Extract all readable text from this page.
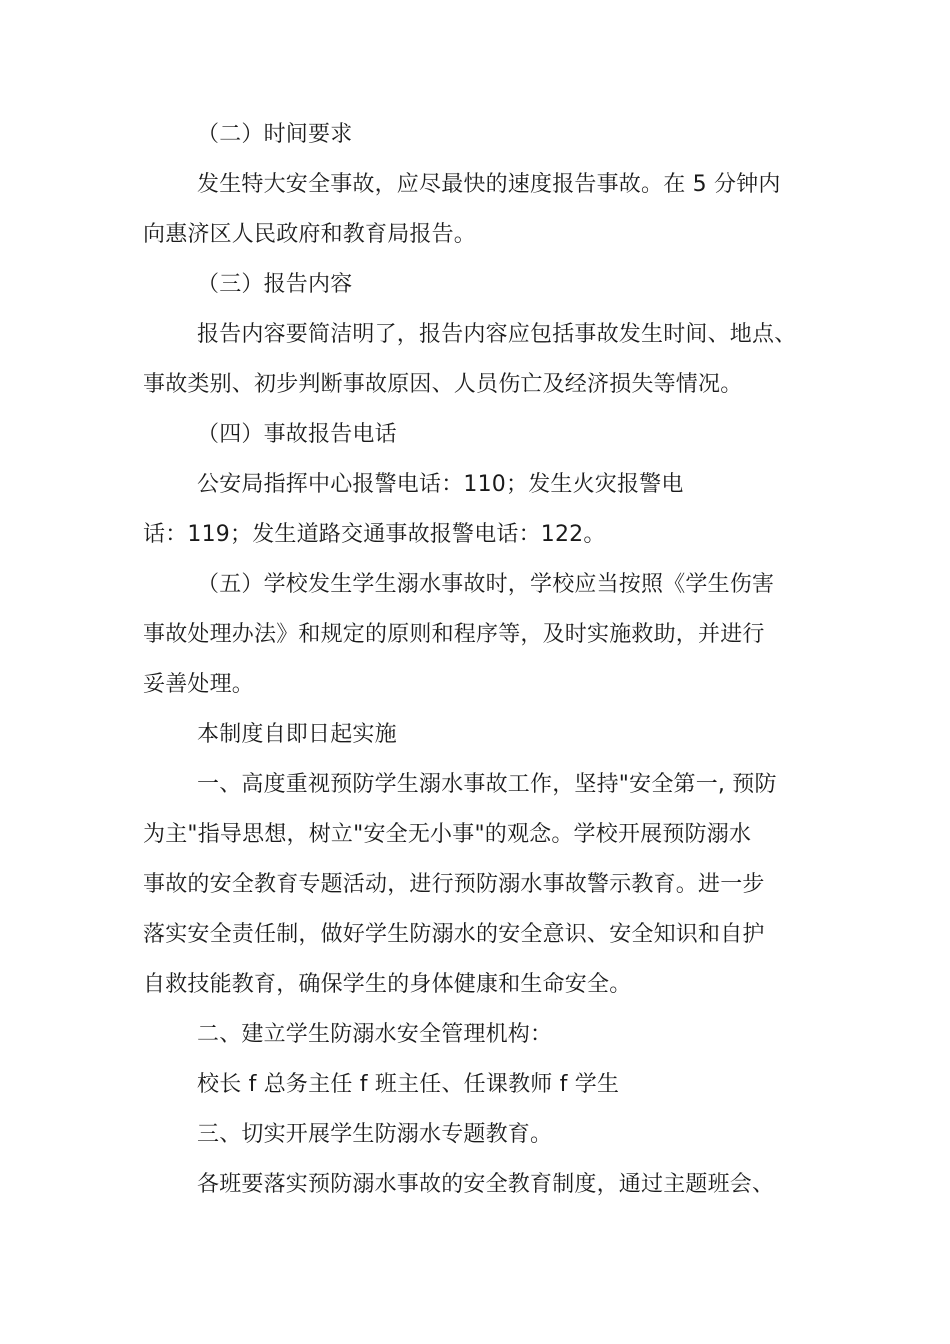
（二）时间要求
发生特大安全事故，应尽最快的速度报告事故。在 5 分钟内
向惠济区人民政府和教育局报告。
（三）报告内容
报告内容要简洁明了，报告内容应包括事故发生时间、地点、
事故类别、初步判断事故原因、人员伤亡及经济损失等情况。
（四）事故报告电话
公安局指挥中心报警电话：110；发生火灾报警电
话：119；发生道路交通事故报警电话：122。
（五）学校发生学生溺水事故时，学校应当按照《学生伤害
事故处理办法》和规定的原则和程序等，及时实施救助，并进行
妥善处理。
本制度自即日起实施
一、高度重视预防学生溺水事故工作，坚持"安全第一, 预防
为主"指导思想，树立"安全无小事"的观念。学校开展预防溺水
事故的安全教育专题活动，进行预防溺水事故警示教育。进一步
落实安全责任制，做好学生防溺水的安全意识、安全知识和自护
自救技能教育，确保学生的身体健康和生命安全。
二、建立学生防溺水安全管理机构：
校长 f 总务主任 f 班主任、任课教师 f 学生
三、切实开展学生防溺水专题教育。
各班要落实预防溺水事故的安全教育制度，通过主题班会、
